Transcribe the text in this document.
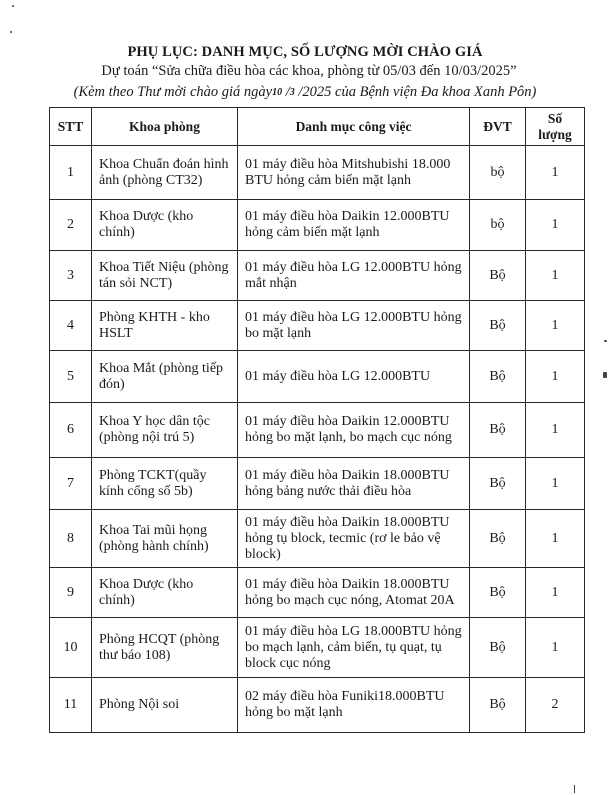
PHỤ LỤC: DANH MỤC, SỐ LƯỢNG MỜI CHÀO GIÁ
Dự toán “Sửa chữa điều hòa các khoa, phòng từ 05/03 đến 10/03/2025”
(Kèm theo Thư mời chào giá ngày10 /3 /2025 của Bệnh viện Đa khoa Xanh Pôn)
STT	Khoa phòng	Danh mục công việc	ĐVT	Số lượng
1	Khoa Chuẩn đoán hình ảnh (phòng CT32)	01 máy điều hòa Mitshubishi 18.000 BTU hỏng cảm biến mặt lạnh	bộ	1
2	Khoa Dược (kho chính)	01 máy điều hòa Daikin 12.000BTU hỏng cảm biến mặt lạnh	bộ	1
3	Khoa Tiết Niệu (phòng tán sỏi NCT)	01 máy điều hòa LG 12.000BTU hỏng mắt nhận	Bộ	1
4	Phòng KHTH - kho HSLT	01 máy điều hòa LG 12.000BTU hỏng bo mặt lạnh	Bộ	1
5	Khoa Mắt (phòng tiếp đón)	01 máy điều hòa LG 12.000BTU	Bộ	1
6	Khoa Y học dân tộc (phòng nội trú 5)	01 máy điều hòa Daikin 12.000BTU hỏng bo mặt lạnh, bo mạch cục nóng	Bộ	1
7	Phòng TCKT(quầy kính cổng số 5b)	01 máy điều hòa Daikin 18.000BTU hỏng bảng nước thải điều hòa	Bộ	1
8	Khoa Tai mũi họng (phòng hành chính)	01 máy điều hòa Daikin 18.000BTU hỏng tụ block, tecmic (rơ le bảo vệ block)	Bộ	1
9	Khoa Dược (kho chính)	01 máy điều hòa Daikin 18.000BTU hỏng bo mạch cục nóng, Atomat 20A	Bộ	1
10	Phòng HCQT (phòng thư báo 108)	01 máy điều hòa LG 18.000BTU hỏng bo mạch lạnh, cảm biến, tụ quạt, tụ block cục nóng	Bộ	1
11	Phòng Nội soi	02 máy điều hòa Funiki18.000BTU hỏng bo mặt lạnh	Bộ	2
